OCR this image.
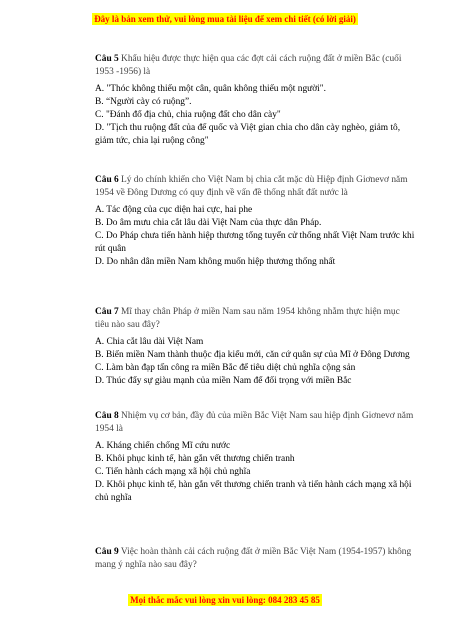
Đây là bản xem thử, vui lòng mua tài liệu để xem chi tiết (có lời giải)

Câu 5 Khẩu hiệu được thực hiện qua các đợt cải cách ruộng đất ở miền Bắc (cuối 1953 -1956) là

A. "Thóc không thiếu một cân, quân không thiếu một người".

B. “Người cày có ruộng”.

C. "Đánh đổ địa chủ, chia ruộng đất cho dân cày"

D. "Tịch thu ruộng đất của đế quốc và Việt gian chia cho dân cày nghèo, giảm tô, giảm tức, chia lại ruộng công"

Câu 6 Lý do chính khiến cho Việt Nam bị chia cắt mặc dù Hiệp định Giơnevơ năm 1954 về Đông Dương có quy định về vấn đề thống nhất đất nước là

A. Tác động của cục diện hai cực, hai phe

B. Do âm mưu chia cắt lâu dài Việt Nam của thực dân Pháp.

C. Do Pháp chưa tiến hành hiệp thương tổng tuyển cử thống nhất Việt Nam trước khi rút quân

D. Do nhân dân miền Nam không muốn hiệp thương thống nhất

Câu 7 Mĩ thay chân Pháp ở miền Nam sau năm 1954 không nhằm thực hiện mục tiêu nào sau đây?

A. Chia cắt lâu dài Việt Nam

B. Biến miền Nam thành thuộc địa kiểu mới, căn cứ quân sự của Mĩ ở Đông Dương

C. Làm bàn đạp tấn công ra miền Bắc để tiêu diệt chủ nghĩa cộng sản

D. Thúc đẩy sự giàu mạnh của miền Nam để đối trọng với miền Bắc

Câu 8 Nhiệm vụ cơ bản, đầy đủ của miền Bắc Việt Nam sau hiệp định Giơnevơ năm 1954 là

A. Kháng chiến chống Mĩ cứu nước

B. Khôi phục kinh tế, hàn gắn vết thương chiến tranh

C. Tiến hành cách mạng xã hội chủ nghĩa

D. Khôi phục kinh tế, hàn gắn vết thương chiến tranh và tiến hành cách mạng xã hội chủ nghĩa

Câu 9 Việc hoàn thành cải cách ruộng đất ở miền Bắc Việt Nam (1954-1957) không mang ý nghĩa nào sau đây?

Mọi thắc mắc vui lòng xin vui lòng: 084 283 45 85
